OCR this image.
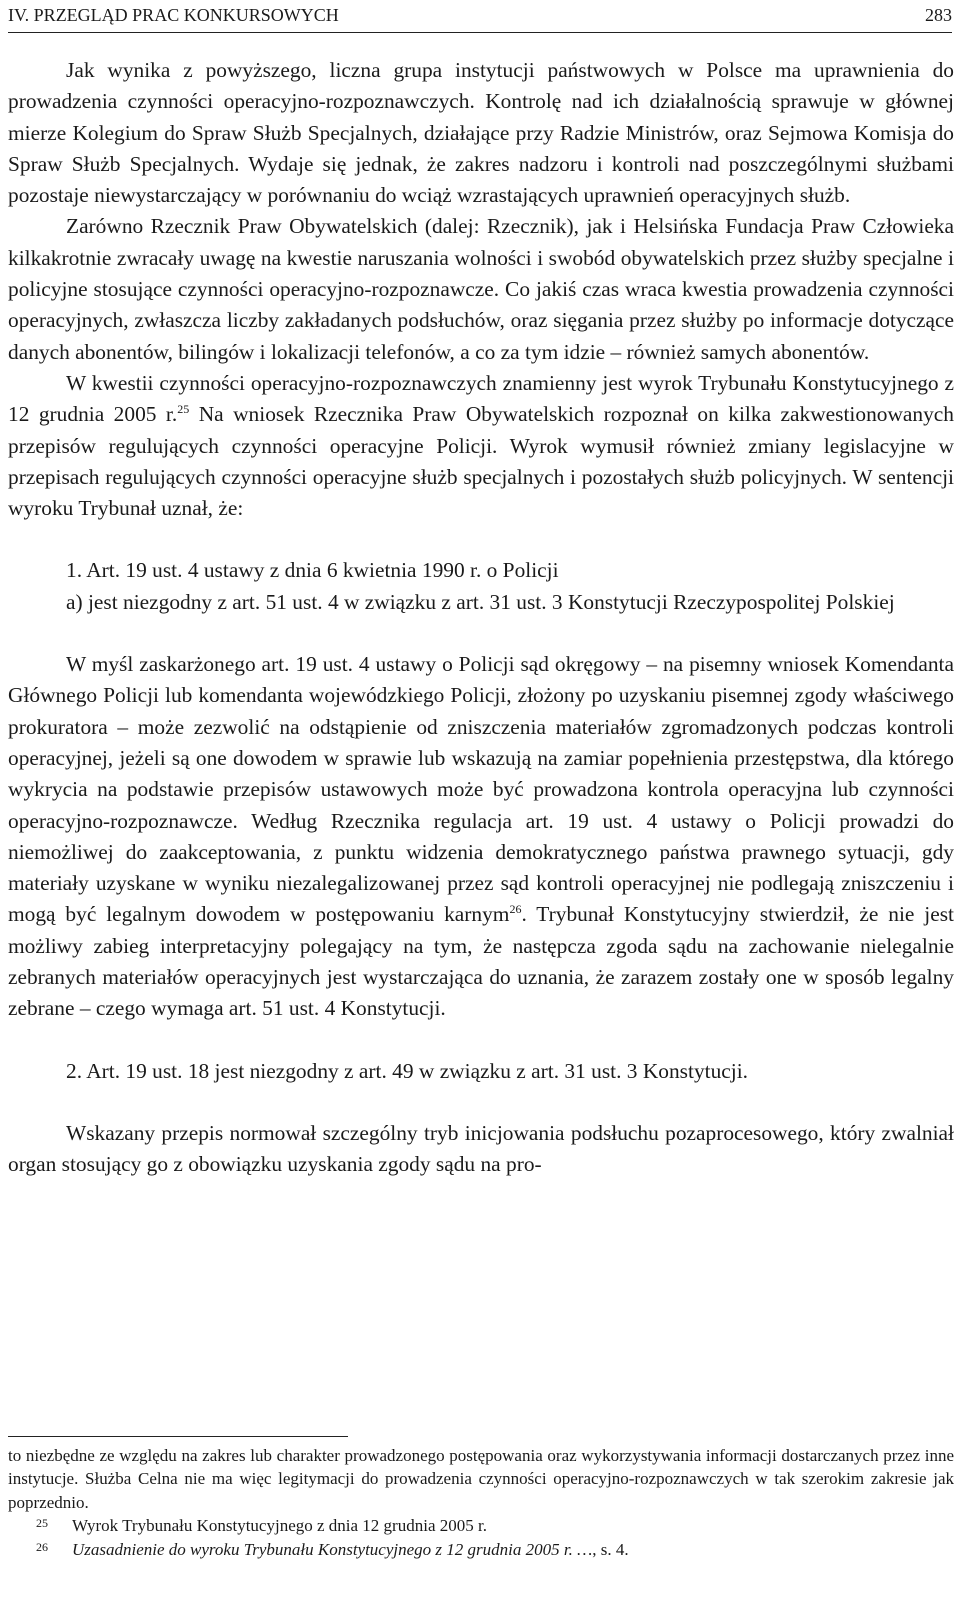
IV. PRZEGLĄD PRAC KONKURSOWYCH	283

Jak wynika z powyższego, liczna grupa instytucji państwowych w Polsce ma uprawnienia do prowadzenia czynności operacyjno-rozpoznawczych. Kontrolę nad ich działalnością sprawuje w głównej mierze Kolegium do Spraw Służb Specjalnych, działające przy Radzie Ministrów, oraz Sejmowa Komisja do Spraw Służb Specjalnych. Wydaje się jednak, że zakres nadzoru i kontroli nad poszczególnymi służbami pozostaje niewystarczający w porównaniu do wciąż wzrastających uprawnień operacyjnych służb.

Zarówno Rzecznik Praw Obywatelskich (dalej: Rzecznik), jak i Helsińska Fundacja Praw Człowieka kilkakrotnie zwracały uwagę na kwestie naruszania wolności i swobód obywatelskich przez służby specjalne i policyjne stosujące czynności operacyjno-rozpoznawcze. Co jakiś czas wraca kwestia prowadzenia czynności operacyjnych, zwłaszcza liczby zakładanych podsłuchów, oraz sięgania przez służby po informacje dotyczące danych abonentów, bilingów i lokalizacji telefonów, a co za tym idzie – również samych abonentów.

W kwestii czynności operacyjno-rozpoznawczych znamienny jest wyrok Trybunału Konstytucyjnego z 12 grudnia 2005 r.$^{25}$ Na wniosek Rzecznika Praw Obywatelskich rozpoznał on kilka zakwestionowanych przepisów regulujących czynności operacyjne Policji. Wyrok wymusił również zmiany legislacyjne w przepisach regulujących czynności operacyjne służb specjalnych i pozostałych służb policyjnych. W sentencji wyroku Trybunał uznał, że:

1. Art. 19 ust. 4 ustawy z dnia 6 kwietnia 1990 r. o Policji

a) jest niezgodny z art. 51 ust. 4 w związku z art. 31 ust. 3 Konstytucji Rzeczypospolitej Polskiej

W myśl zaskarżonego art. 19 ust. 4 ustawy o Policji sąd okręgowy – na pisemny wniosek Komendanta Głównego Policji lub komendanta wojewódzkiego Policji, złożony po uzyskaniu pisemnej zgody właściwego prokuratora – może zezwolić na odstąpienie od zniszczenia materiałów zgromadzonych podczas kontroli operacyjnej, jeżeli są one dowodem w sprawie lub wskazują na zamiar popełnienia przestępstwa, dla którego wykrycia na podstawie przepisów ustawowych może być prowadzona kontrola operacyjna lub czynności operacyjno-rozpoznawcze. Według Rzecznika regulacja art. 19 ust. 4 ustawy o Policji prowadzi do niemożliwej do zaakceptowania, z punktu widzenia demokratycznego państwa prawnego sytuacji, gdy materiały uzyskane w wyniku niezalegalizowanej przez sąd kontroli operacyjnej nie podlegają zniszczeniu i mogą być legalnym dowodem w postępowaniu karnym$^{26}$. Trybunał Konstytucyjny stwierdził, że nie jest możliwy zabieg interpretacyjny polegający na tym, że następcza zgoda sądu na zachowanie nielegalnie zebranych materiałów operacyjnych jest wystarczająca do uznania, że zarazem zostały one w sposób legalny zebrane – czego wymaga art. 51 ust. 4 Konstytucji.

2. Art. 19 ust. 18 jest niezgodny z art. 49 w związku z art. 31 ust. 3 Konstytucji.

Wskazany przepis normował szczególny tryb inicjowania podsłuchu pozaprocesowego, który zwalniał organ stosujący go z obowiązku uzyskania zgody sądu na pro-

to niezbędne ze względu na zakres lub charakter prowadzonego postępowania oraz wykorzystywania informacji dostarczanych przez inne instytucje. Służba Celna nie ma więc legitymacji do prowadzenia czynności operacyjno-rozpoznawczych w tak szerokim zakresie jak poprzednio.

25 Wyrok Trybunału Konstytucyjnego z dnia 12 grudnia 2005 r.
26 Uzasadnienie do wyroku Trybunału Konstytucyjnego z 12 grudnia 2005 r. …, s. 4.
